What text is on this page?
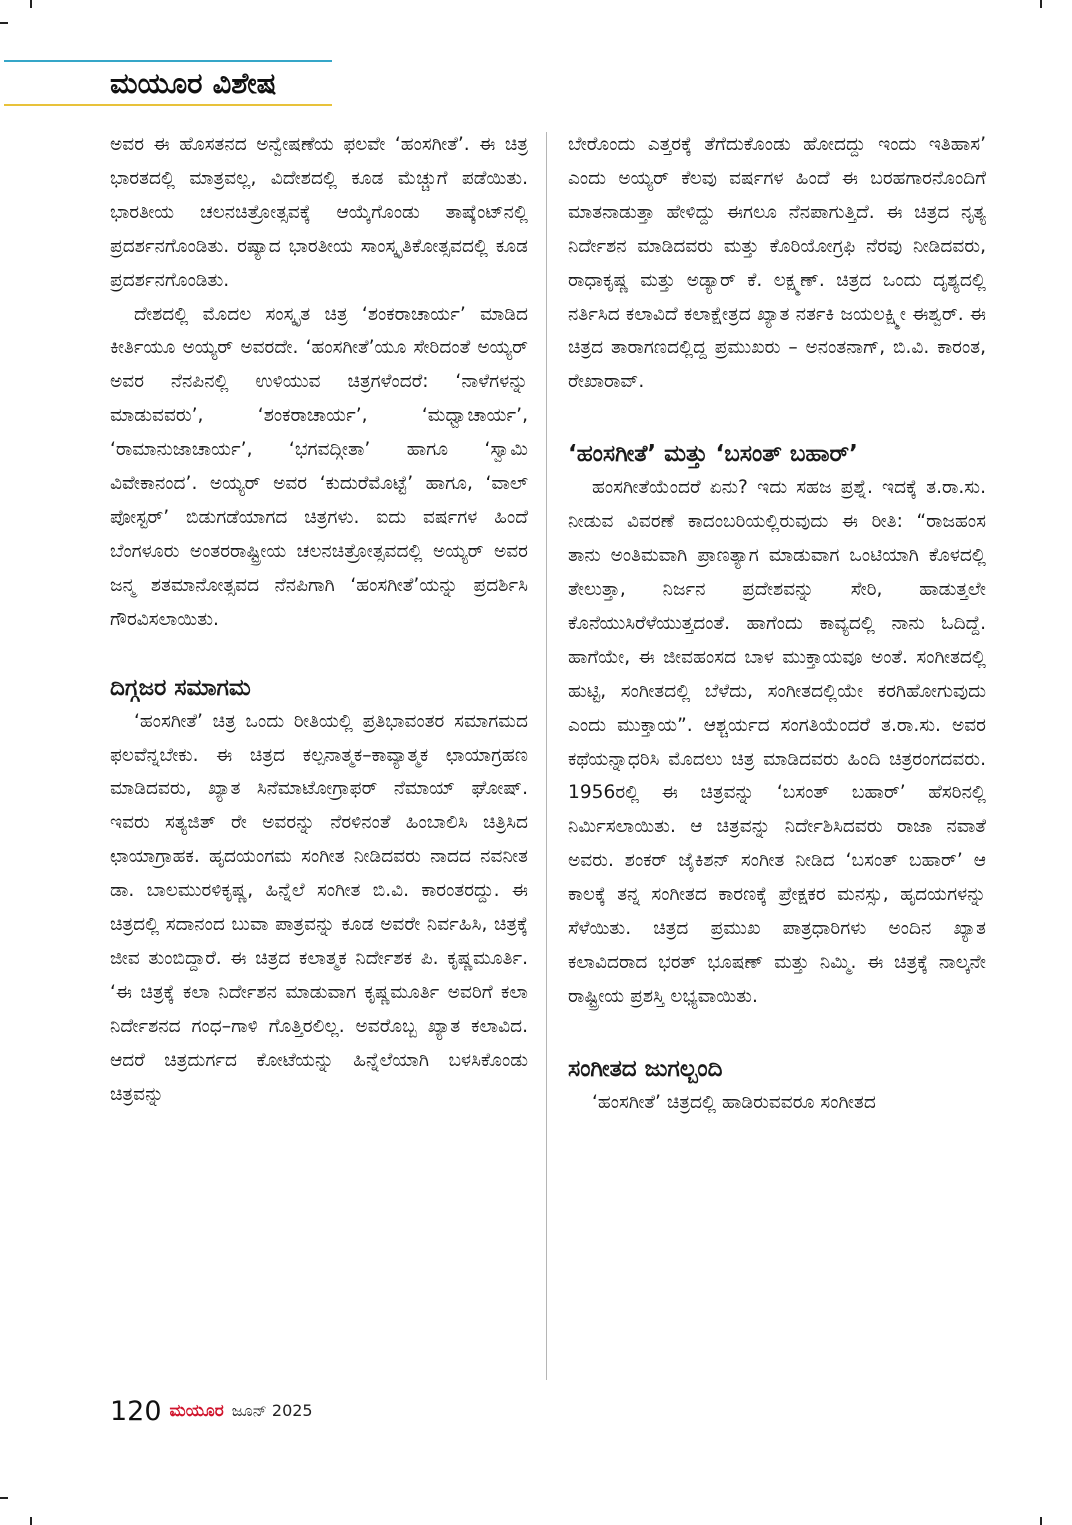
ಮಯೂರ ವಿಶೇಷ

ಅವರ ಈ ಹೊಸತನದ ಅನ್ವೇಷಣೆಯ ಫಲವೇ ‘ಹಂಸಗೀತೆ’. ಈ ಚಿತ್ರ ಭಾರತದಲ್ಲಿ ಮಾತ್ರವಲ್ಲ, ವಿದೇಶದಲ್ಲಿ ಕೂಡ ಮೆಚ್ಚುಗೆ ಪಡೆಯಿತು. ಭಾರತೀಯ ಚಲನಚಿತ್ರೋತ್ಸವಕ್ಕೆ ಆಯ್ಕೆಗೊಂಡು ತಾಷ್ಕೆಂಟ್‌ನಲ್ಲಿ ಪ್ರದರ್ಶನಗೊಂಡಿತು. ರಷ್ಯಾದ ಭಾರತೀಯ ಸಾಂಸ್ಕೃತಿಕೋತ್ಸವದಲ್ಲಿ ಕೂಡ ಪ್ರದರ್ಶನಗೊಂಡಿತು.

ದೇಶದಲ್ಲಿ ಮೊದಲ ಸಂಸ್ಕೃತ ಚಿತ್ರ ‘ಶಂಕರಾಚಾರ್ಯ’ ಮಾಡಿದ ಕೀರ್ತಿಯೂ ಅಯ್ಯರ್ ಅವರದೇ. ‘ಹಂಸಗೀತೆ’ಯೂ ಸೇರಿದಂತೆ ಅಯ್ಯರ್ ಅವರ ನೆನಪಿನಲ್ಲಿ ಉಳಿಯುವ ಚಿತ್ರಗಳೆಂದರೆ: ‘ನಾಳೆಗಳನ್ನು ಮಾಡುವವರು’, ‘ಶಂಕರಾಚಾರ್ಯ’, ‘ಮಧ್ವಾಚಾರ್ಯ’, ‘ರಾಮಾನುಜಾಚಾರ್ಯ’, ‘ಭಗವದ್ಗೀತಾ’ ಹಾಗೂ ‘ಸ್ವಾಮಿ ವಿವೇಕಾನಂದ’. ಅಯ್ಯರ್ ಅವರ ‘ಕುದುರೆಮೊಟ್ಟೆ’ ಹಾಗೂ, ‘ವಾಲ್ ಪೋಸ್ಟರ್’ ಬಿಡುಗಡೆಯಾಗದ ಚಿತ್ರಗಳು. ಐದು ವರ್ಷಗಳ ಹಿಂದೆ ಬೆಂಗಳೂರು ಅಂತರರಾಷ್ಟ್ರೀಯ ಚಲನಚಿತ್ರೋತ್ಸವದಲ್ಲಿ ಅಯ್ಯರ್ ಅವರ ಜನ್ಮ ಶತಮಾನೋತ್ಸವದ ನೆನಪಿಗಾಗಿ ‘ಹಂಸಗೀತೆ’ಯನ್ನು ಪ್ರದರ್ಶಿಸಿ ಗೌರವಿಸಲಾಯಿತು.

ದಿಗ್ಗಜರ ಸಮಾಗಮ

‘ಹಂಸಗೀತೆ’ ಚಿತ್ರ ಒಂದು ರೀತಿಯಲ್ಲಿ ಪ್ರತಿಭಾವಂತರ ಸಮಾಗಮದ ಫಲವೆನ್ನಬೇಕು. ಈ ಚಿತ್ರದ ಕಲ್ಪನಾತ್ಮಕ–ಕಾವ್ಯಾತ್ಮಕ ಛಾಯಾಗ್ರಹಣ ಮಾಡಿದವರು, ಖ್ಯಾತ ಸಿನೆಮಾಟೋಗ್ರಾಫರ್ ನೆಮಾಯ್ ಘೋಷ್. ಇವರು ಸತ್ಯಜಿತ್ ರೇ ಅವರನ್ನು ನೆರಳಿನಂತೆ ಹಿಂಬಾಲಿಸಿ ಚಿತ್ರಿಸಿದ ಛಾಯಾಗ್ರಾಹಕ. ಹೃದಯಂಗಮ ಸಂಗೀತ ನೀಡಿದವರು ನಾದದ ನವನೀತ ಡಾ. ಬಾಲಮುರಳಿಕೃಷ್ಣ, ಹಿನ್ನೆಲೆ ಸಂಗೀತ ಬಿ.ವಿ. ಕಾರಂತರದ್ದು. ಈ ಚಿತ್ರದಲ್ಲಿ ಸದಾನಂದ ಬುವಾ ಪಾತ್ರವನ್ನು ಕೂಡ ಅವರೇ ನಿರ್ವಹಿಸಿ, ಚಿತ್ರಕ್ಕೆ ಜೀವ ತುಂಬಿದ್ದಾರೆ. ಈ ಚಿತ್ರದ ಕಲಾತ್ಮಕ ನಿರ್ದೇಶಕ ಪಿ. ಕೃಷ್ಣಮೂರ್ತಿ. ‘ಈ ಚಿತ್ರಕ್ಕೆ ಕಲಾ ನಿರ್ದೇಶನ ಮಾಡುವಾಗ ಕೃಷ್ಣಮೂರ್ತಿ ಅವರಿಗೆ ಕಲಾ ನಿರ್ದೇಶನದ ಗಂಧ–ಗಾಳಿ ಗೊತ್ತಿರಲಿಲ್ಲ. ಅವರೊಬ್ಬ ಖ್ಯಾತ ಕಲಾವಿದ. ಆದರೆ ಚಿತ್ರದುರ್ಗದ ಕೋಟೆಯನ್ನು ಹಿನ್ನೆಲೆಯಾಗಿ ಬಳಸಿಕೊಂಡು ಚಿತ್ರವನ್ನು

ಬೇರೊಂದು ಎತ್ತರಕ್ಕೆ ತೆಗೆದುಕೊಂಡು ಹೋದದ್ದು ಇಂದು ಇತಿಹಾಸ’ ಎಂದು ಅಯ್ಯರ್ ಕೆಲವು ವರ್ಷಗಳ ಹಿಂದೆ ಈ ಬರಹಗಾರನೊಂದಿಗೆ ಮಾತನಾಡುತ್ತಾ ಹೇಳಿದ್ದು ಈಗಲೂ ನೆನಪಾಗುತ್ತಿದೆ. ಈ ಚಿತ್ರದ ನೃತ್ಯ ನಿರ್ದೇಶನ ಮಾಡಿದವರು ಮತ್ತು ಕೊರಿಯೋಗ್ರಫಿ ನೆರವು ನೀಡಿದವರು, ರಾಧಾಕೃಷ್ಣ ಮತ್ತು ಅಡ್ಯಾರ್ ಕೆ. ಲಕ್ಷ್ಮಣ್. ಚಿತ್ರದ ಒಂದು ದೃಶ್ಯದಲ್ಲಿ ನರ್ತಿಸಿದ ಕಲಾವಿದೆ ಕಲಾಕ್ಷೇತ್ರದ ಖ್ಯಾತ ನರ್ತಕಿ ಜಯಲಕ್ಷ್ಮೀ ಈಶ್ವರ್. ಈ ಚಿತ್ರದ ತಾರಾಗಣದಲ್ಲಿದ್ದ ಪ್ರಮುಖರು – ಅನಂತನಾಗ್, ಬಿ.ವಿ. ಕಾರಂತ, ರೇಖಾರಾವ್.

‘ಹಂಸಗೀತೆ’ ಮತ್ತು ‘ಬಸಂತ್ ಬಹಾರ್’

ಹಂಸಗೀತೆಯೆಂದರೆ ಏನು? ಇದು ಸಹಜ ಪ್ರಶ್ನೆ. ಇದಕ್ಕೆ ತ.ರಾ.ಸು. ನೀಡುವ ವಿವರಣೆ ಕಾದಂಬರಿಯಲ್ಲಿರುವುದು ಈ ರೀತಿ: “ರಾಜಹಂಸ ತಾನು ಅಂತಿಮವಾಗಿ ಪ್ರಾಣತ್ಯಾಗ ಮಾಡುವಾಗ ಒಂಟಿಯಾಗಿ ಕೊಳದಲ್ಲಿ ತೇಲುತ್ತಾ, ನಿರ್ಜನ ಪ್ರದೇಶವನ್ನು ಸೇರಿ, ಹಾಡುತ್ತಲೇ ಕೊನೆಯುಸಿರೆಳೆಯುತ್ತದಂತೆ. ಹಾಗೆಂದು ಕಾವ್ಯದಲ್ಲಿ ನಾನು ಓದಿದ್ದೆ. ಹಾಗೆಯೇ, ಈ ಜೀವಹಂಸದ ಬಾಳ ಮುಕ್ತಾಯವೂ ಅಂತೆ. ಸಂಗೀತದಲ್ಲಿ ಹುಟ್ಟಿ, ಸಂಗೀತದಲ್ಲಿ ಬೆಳೆದು, ಸಂಗೀತದಲ್ಲಿಯೇ ಕರಗಿಹೋಗುವುದು ಎಂದು ಮುಕ್ತಾಯ”. ಆಶ್ಚರ್ಯದ ಸಂಗತಿಯೆಂದರೆ ತ.ರಾ.ಸು. ಅವರ ಕಥೆಯನ್ನಾಧರಿಸಿ ಮೊದಲು ಚಿತ್ರ ಮಾಡಿದವರು ಹಿಂದಿ ಚಿತ್ರರಂಗದವರು. 1956ರಲ್ಲಿ ಈ ಚಿತ್ರವನ್ನು ‘ಬಸಂತ್ ಬಹಾರ್’ ಹೆಸರಿನಲ್ಲಿ ನಿರ್ಮಿಸಲಾಯಿತು. ಆ ಚಿತ್ರವನ್ನು ನಿರ್ದೇಶಿಸಿದವರು ರಾಜಾ ನವಾತೆ ಅವರು. ಶಂಕರ್ ಜೈಕಿಶನ್ ಸಂಗೀತ ನೀಡಿದ ‘ಬಸಂತ್ ಬಹಾರ್’ ಆ ಕಾಲಕ್ಕೆ ತನ್ನ ಸಂಗೀತದ ಕಾರಣಕ್ಕೆ ಪ್ರೇಕ್ಷಕರ ಮನಸ್ಸು, ಹೃದಯಗಳನ್ನು ಸೆಳೆಯಿತು. ಚಿತ್ರದ ಪ್ರಮುಖ ಪಾತ್ರಧಾರಿಗಳು ಅಂದಿನ ಖ್ಯಾತ ಕಲಾವಿದರಾದ ಭರತ್ ಭೂಷಣ್ ಮತ್ತು ನಿಮ್ಮಿ. ಈ ಚಿತ್ರಕ್ಕೆ ನಾಲ್ಕನೇ ರಾಷ್ಟ್ರೀಯ ಪ್ರಶಸ್ತಿ ಲಭ್ಯವಾಯಿತು.

ಸಂಗೀತದ ಜುಗಲ್ಬಂದಿ

‘ಹಂಸಗೀತೆ’ ಚಿತ್ರದಲ್ಲಿ ಹಾಡಿರುವವರೂ ಸಂಗೀತದ

120 ಮಯೂರ ಜೂನ್ 2025
